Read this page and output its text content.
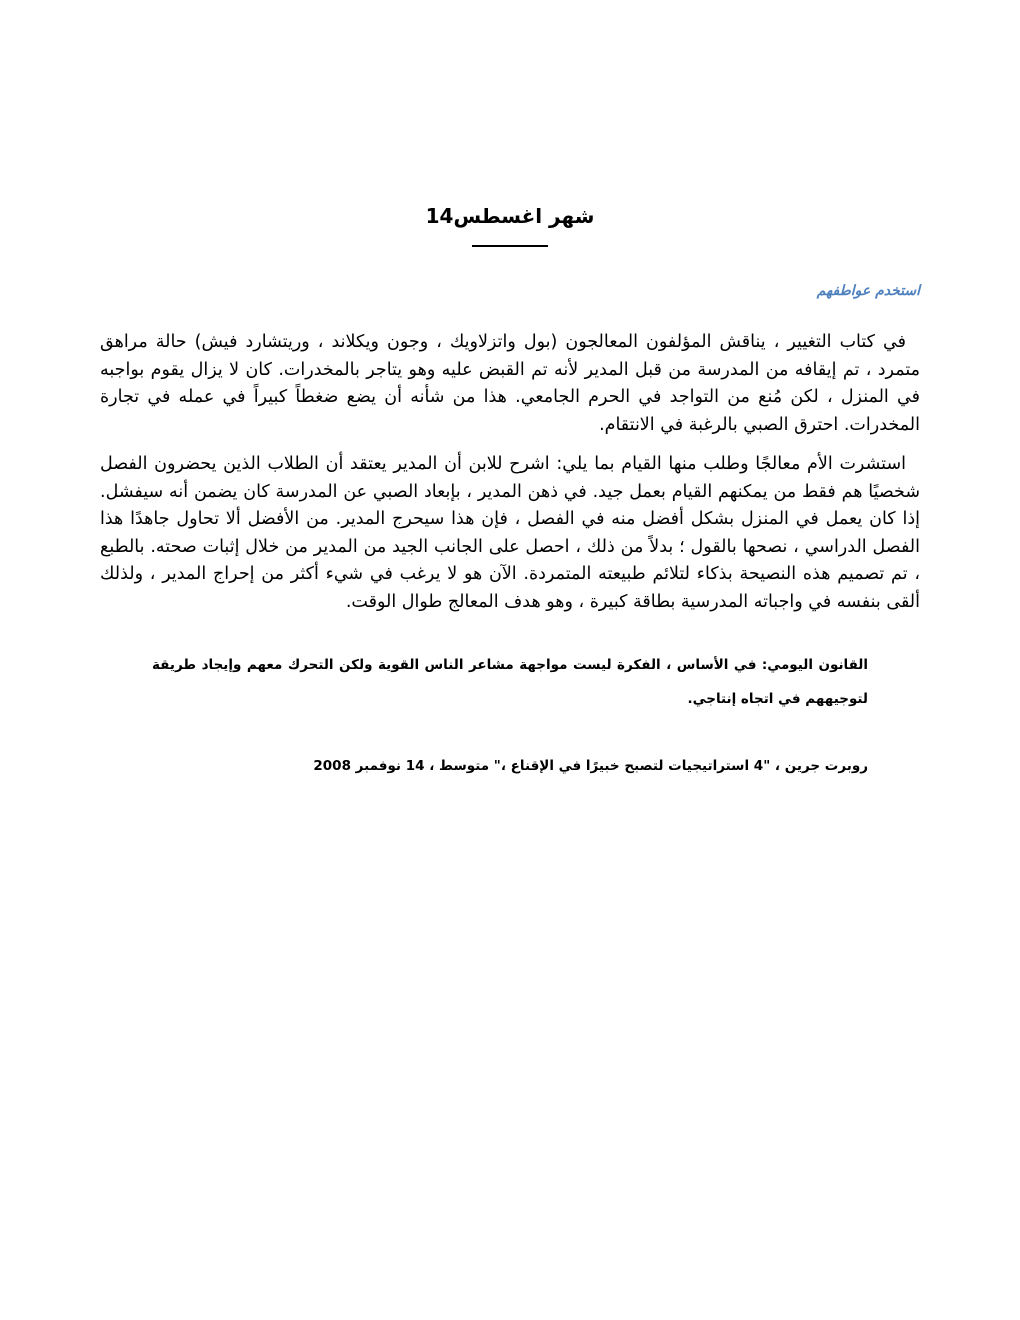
شهر اغسطس14
استخدم عواطفهم

في كتاب التغيير ، يناقش المؤلفون المعالجون (بول واتزلاويك ، وجون ويكلاند ، وريتشارد فيش) حالة مراهق متمرد ، تم إيقافه من المدرسة من قبل المدير لأنه تم القبض عليه وهو يتاجر بالمخدرات. كان لا يزال يقوم بواجبه في المنزل ، لكن مُنع من التواجد في الحرم الجامعي. هذا من شأنه أن يضع ضغطاً كبيراً في عمله في تجارة المخدرات. احترق الصبي بالرغبة في الانتقام.

استشرت الأم معالجًا وطلب منها القيام بما يلي: اشرح للابن أن المدير يعتقد أن الطلاب الذين يحضرون الفصل شخصيًا هم فقط من يمكنهم القيام بعمل جيد. في ذهن المدير ، بإبعاد الصبي عن المدرسة كان يضمن أنه سيفشل. إذا كان يعمل في المنزل بشكل أفضل منه في الفصل ، فإن هذا سيحرج المدير. من الأفضل ألا تحاول جاهدًا هذا الفصل الدراسي ، نصحها بالقول ؛ بدلاً من ذلك ، احصل على الجانب الجيد من المدير من خلال إثبات صحته. بالطبع ، تم تصميم هذه النصيحة بذكاء لتلائم طبيعته المتمردة. الآن هو لا يرغب في شيء أكثر من إحراج المدير ، ولذلك ألقى بنفسه في واجباته المدرسية بطاقة كبيرة ، وهو هدف المعالج طوال الوقت.

القانون اليومي: في الأساس ، الفكرة ليست مواجهة مشاعر الناس القوية ولكن التحرك معهم وإيجاد طريقة لتوجيههم في اتجاه إنتاجي.

روبرت جرين ، "4 استراتيجيات لتصبح خبيرًا في الإقناع ،" متوسط ، 14 نوفمبر 2008
